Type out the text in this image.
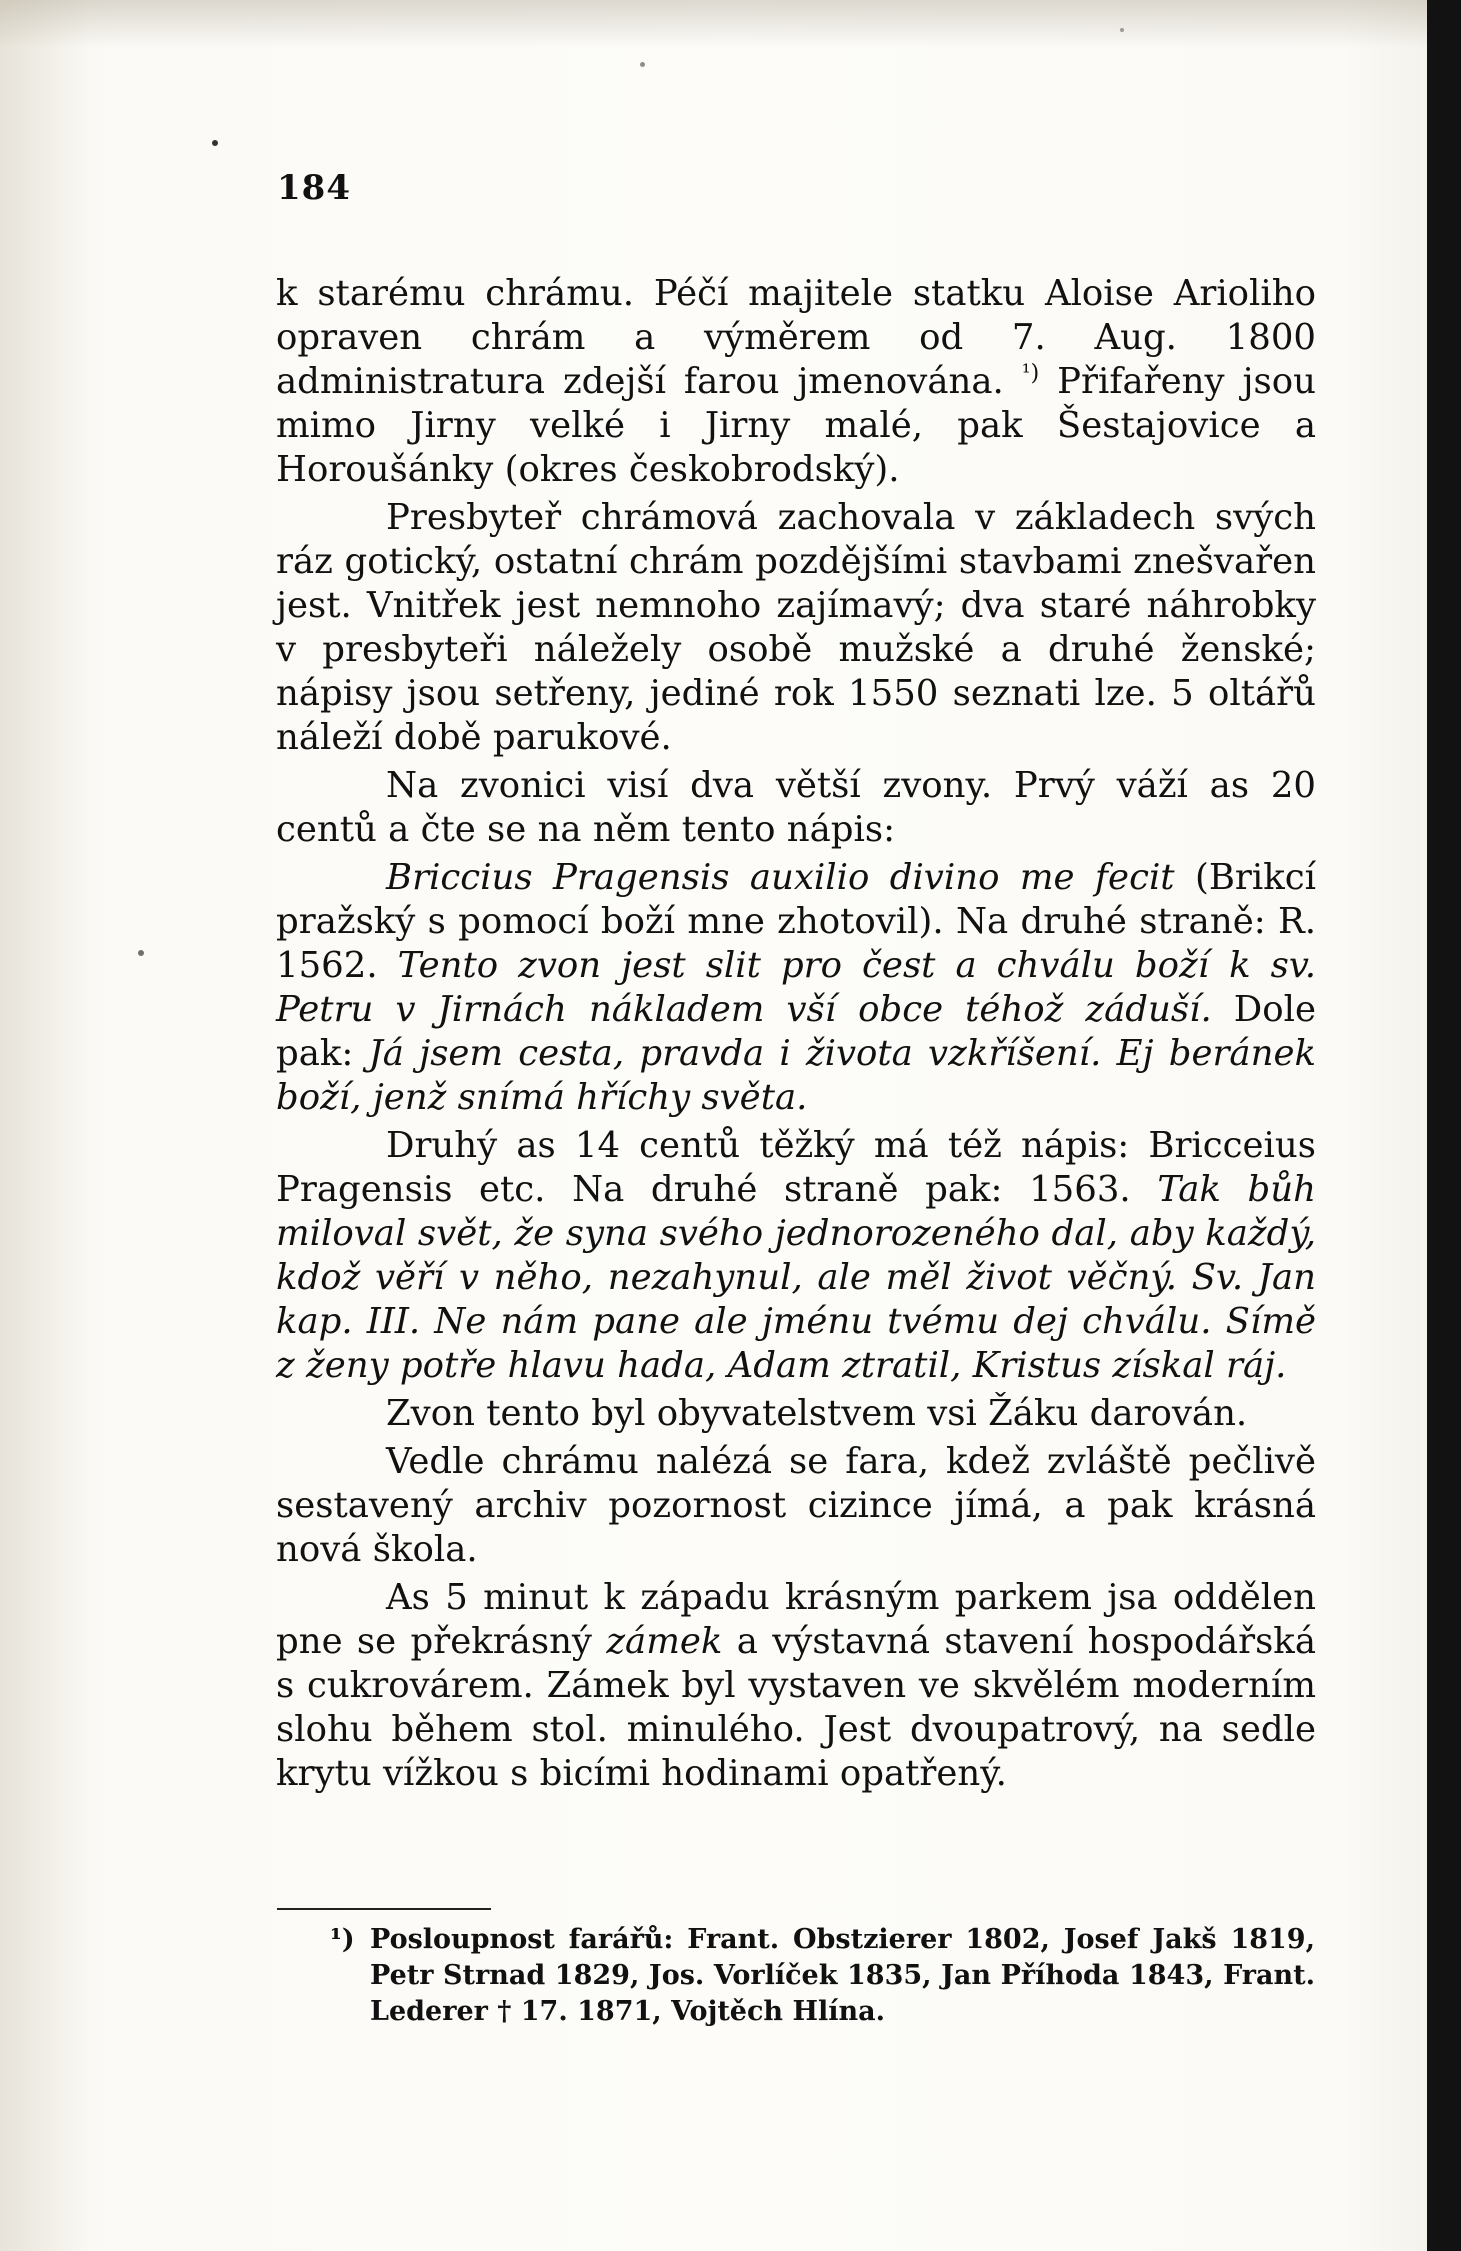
184

k starému chrámu. Péčí majitele statku Aloise Arioliho opraven chrám a výměrem od 7. Aug. 1800 administratura zdejší farou jmenována. $^{^1)}$ Přifařeny jsou mimo Jirny velké i Jirny malé, pak Šestajovice a Horoušánky (okres českobrodský).

Presbyteř chrámová zachovala v základech svých ráz gotický, ostatní chrám pozdějšími stavbami znešvařen jest. Vnitřek jest nemnoho zajímavý; dva staré náhrobky v presbyteři náležely osobě mužské a druhé ženské; nápisy jsou setřeny, jediné rok 1550 seznati lze. 5 oltářů náleží době parukové.

Na zvonici visí dva větší zvony. Prvý váží as 20 centů a čte se na něm tento nápis:

Briccius Pragensis auxilio divino me fecit (Brikcí pražský s pomocí boží mne zhotovil). Na druhé straně: R. 1562. Tento zvon jest slit pro čest a chválu boží k sv. Petru v Jirnách nákladem vší obce téhož záduší. Dole pak: Já jsem cesta, pravda i života vzkříšení. Ej beránek boží, jenž snímá hříchy světa.

Druhý as 14 centů těžký má též nápis: Bricceius Pragensis etc. Na druhé straně pak: 1563. Tak bůh miloval svět, že syna svého jednorozeného dal, aby každý, kdož věří v něho, nezahynul, ale měl život věčný. Sv. Jan kap. III. Ne nám pane ale jménu tvému dej chválu. Símě z ženy potře hlavu hada, Adam ztratil, Kristus získal ráj.

Zvon tento byl obyvatelstvem vsi Žáku darován.

Vedle chrámu nalézá se fara, kdež zvláště pečlivě sestavený archiv pozornost cizince jímá, a pak krásná nová škola.

As 5 minut k západu krásným parkem jsa oddělen pne se překrásný zámek a výstavná stavení hospodářská s cukrovárem. Zámek byl vystaven ve skvělém moderním slohu během stol. minulého. Jest dvoupatrový, na sedle krytu vížkou s bicími hodinami opatřený.

¹) Posloupnost farářů: Frant. Obstzierer 1802, Josef Jakš 1819, Petr Strnad 1829, Jos. Vorlíček 1835, Jan Příhoda 1843, Frant. Lederer † 17. 1871, Vojtěch Hlína.
